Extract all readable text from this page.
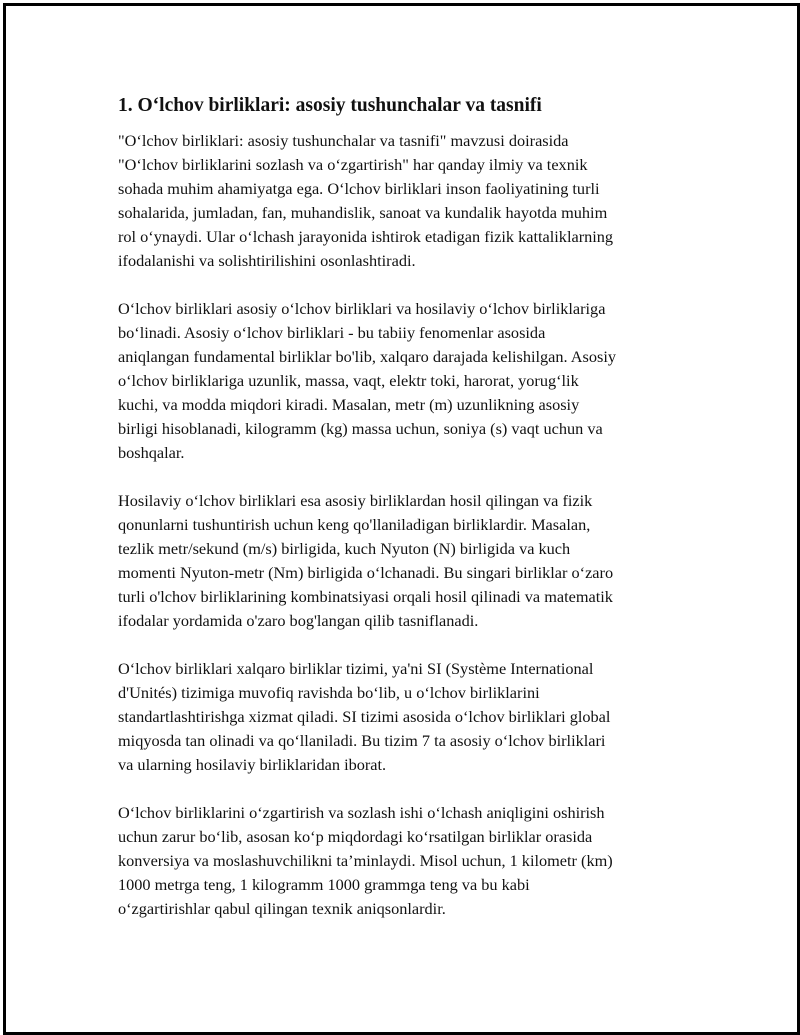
1. O‘lchov birliklari: asosiy tushunchalar va tasnifi

"O‘lchov birliklari: asosiy tushunchalar va tasnifi" mavzusi doirasida
"O‘lchov birliklarini sozlash va o‘zgartirish" har qanday ilmiy va texnik
sohada muhim ahamiyatga ega. O‘lchov birliklari inson faoliyatining turli
sohalarida, jumladan, fan, muhandislik, sanoat va kundalik hayotda muhim
rol o‘ynaydi. Ular o‘lchash jarayonida ishtirok etadigan fizik kattaliklarning
ifodalanishi va solishtirilishini osonlashtiradi.

O‘lchov birliklari asosiy o‘lchov birliklari va hosilaviy o‘lchov birliklariga
bo‘linadi. Asosiy o‘lchov birliklari - bu tabiiy fenomenlar asosida
aniqlangan fundamental birliklar bo'lib, xalqaro darajada kelishilgan. Asosiy
o‘lchov birliklariga uzunlik, massa, vaqt, elektr toki, harorat, yorug‘lik
kuchi, va modda miqdori kiradi. Masalan, metr (m) uzunlikning asosiy
birligi hisoblanadi, kilogramm (kg) massa uchun, soniya (s) vaqt uchun va
boshqalar.

Hosilaviy o‘lchov birliklari esa asosiy birliklardan hosil qilingan va fizik
qonunlarni tushuntirish uchun keng qo'llaniladigan birliklardir. Masalan,
tezlik metr/sekund (m/s) birligida, kuch Nyuton (N) birligida va kuch
momenti Nyuton-metr (Nm) birligida o‘lchanadi. Bu singari birliklar o‘zaro
turli o'lchov birliklarining kombinatsiyasi orqali hosil qilinadi va matematik
ifodalar yordamida o'zaro bog'langan qilib tasniflanadi.

O‘lchov birliklari xalqaro birliklar tizimi, ya'ni SI (Système International
d'Unités) tizimiga muvofiq ravishda bo‘lib, u o‘lchov birliklarini
standartlashtirishga xizmat qiladi. SI tizimi asosida o‘lchov birliklari global
miqyosda tan olinadi va qo‘llaniladi. Bu tizim 7 ta asosiy o‘lchov birliklari
va ularning hosilaviy birliklaridan iborat.

O‘lchov birliklarini o‘zgartirish va sozlash ishi o‘lchash aniqligini oshirish
uchun zarur bo‘lib, asosan ko‘p miqdordagi ko‘rsatilgan birliklar orasida
konversiya va moslashuvchilikni ta’minlaydi. Misol uchun, 1 kilometr (km)
1000 metrga teng, 1 kilogramm 1000 grammga teng va bu kabi
o‘zgartirishlar qabul qilingan texnik aniqsonlardir.
